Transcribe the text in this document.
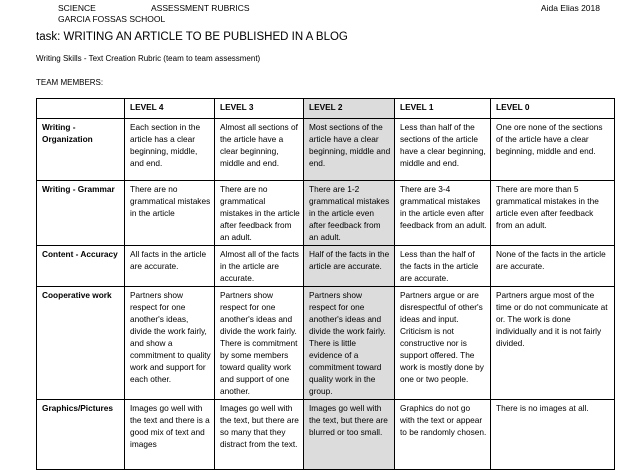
SCIENCE
GARCIA FOSSAS SCHOOL
ASSESSMENT RUBRICS	Aida Elias 2018
task: WRITING AN ARTICLE TO BE PUBLISHED IN A BLOG
Writing Skills - Text Creation Rubric (team to team assessment)
TEAM MEMBERS:
	LEVEL 4	LEVEL 3	LEVEL 2	LEVEL 1	LEVEL 0
Writing - Organization	Each section in the article has a clear beginning, middle, and end.	Almost all sections of the article have a clear beginning, middle and end.	Most sections of the article have a clear beginning, middle and end.	Less than half of the sections of the article have a clear beginning, middle and end.	One ore none of the sections of the article have a clear beginning, middle and end.
Writing - Grammar	There are no grammatical mistakes in the article	There are no grammatical mistakes in the article after feedback from an adult.	There are 1-2 grammatical mistakes in the article even after feedback from an adult.	There are 3-4 grammatical mistakes in the article even after feedback from an adult.	There are more than 5 grammatical mistakes in the article even after feedback from an adult.
Content - Accuracy	All facts in the article are accurate.	Almost all of the facts in the article are accurate.	Half of the facts in the article are accurate.	Less than the half of the facts in the article are accurate.	None of the facts in the article are accurate.
Cooperative work	Partners show respect for one another's ideas, divide the work fairly, and show a commitment to quality work and support for each other.	Partners show respect for one another's ideas and divide the work fairly. There is commitment by some members toward quality work and support of one another.	Partners show respect for one another's ideas and divide the work fairly. There is little evidence of a commitment toward quality work in the group.	Partners argue or are disrespectful of other's ideas and input. Criticism is not constructive nor is support offered. The work is mostly done by one or two people.	Partners argue most of the time or do not communicate at or. The work is done individually and it is not fairly divided.
Graphics/Pictures	Images go well with the text and there is a good mix of text and images	Images go well with the text, but there are so many that they distract from the text.	Images go well with the text, but there are blurred or too small.	Graphics do not go with the text or appear to be randomly chosen.	There is no images at all.
